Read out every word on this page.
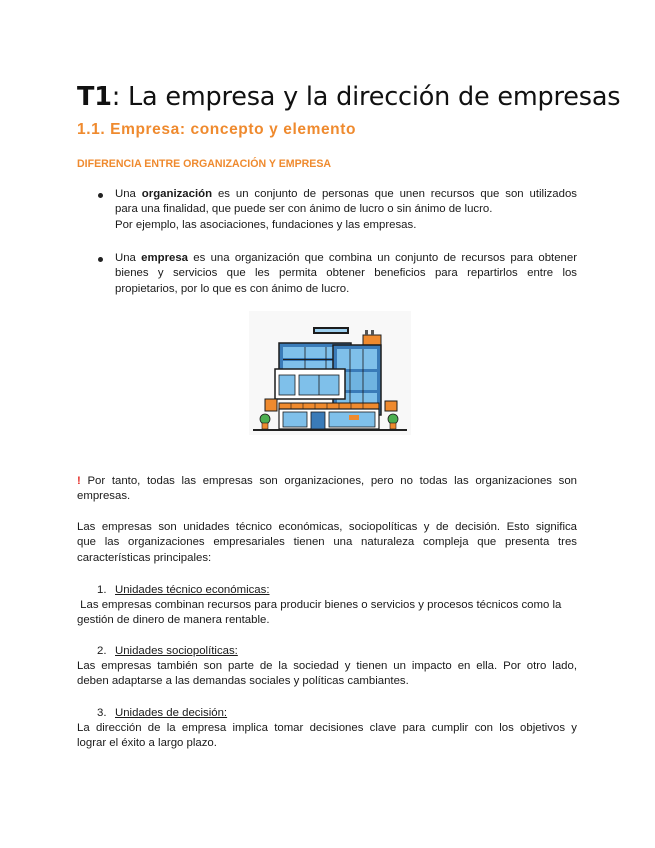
T1: La empresa y la dirección de empresas
1.1. Empresa: concepto y elemento
DIFERENCIA ENTRE ORGANIZACIÓN Y EMPRESA
Una organización es un conjunto de personas que unen recursos que son utilizados
para una finalidad, que puede ser con ánimo de lucro o sin ánimo de lucro.
Por ejemplo, las asociaciones, fundaciones y las empresas.
Una empresa es una organización que combina un conjunto de recursos para obtener
bienes y servicios que les permita obtener beneficios para repartirlos entre los
propietarios, por lo que es con ánimo de lucro.
! Por tanto, todas las empresas son organizaciones, pero no todas las organizaciones son
empresas.
Las empresas son unidades técnico económicas, sociopolíticas y de decisión. Esto significa
que las organizaciones empresariales tienen una naturaleza compleja que presenta tres
características principales:
1. Unidades técnico económicas:
Las empresas combinan recursos para producir bienes o servicios y procesos técnicos como la
gestión de dinero de manera rentable.
2. Unidades sociopolíticas:
Las empresas también son parte de la sociedad y tienen un impacto en ella. Por otro lado,
deben adaptarse a las demandas sociales y políticas cambiantes.
3. Unidades de decisión:
La dirección de la empresa implica tomar decisiones clave para cumplir con los objetivos y
lograr el éxito a largo plazo.
